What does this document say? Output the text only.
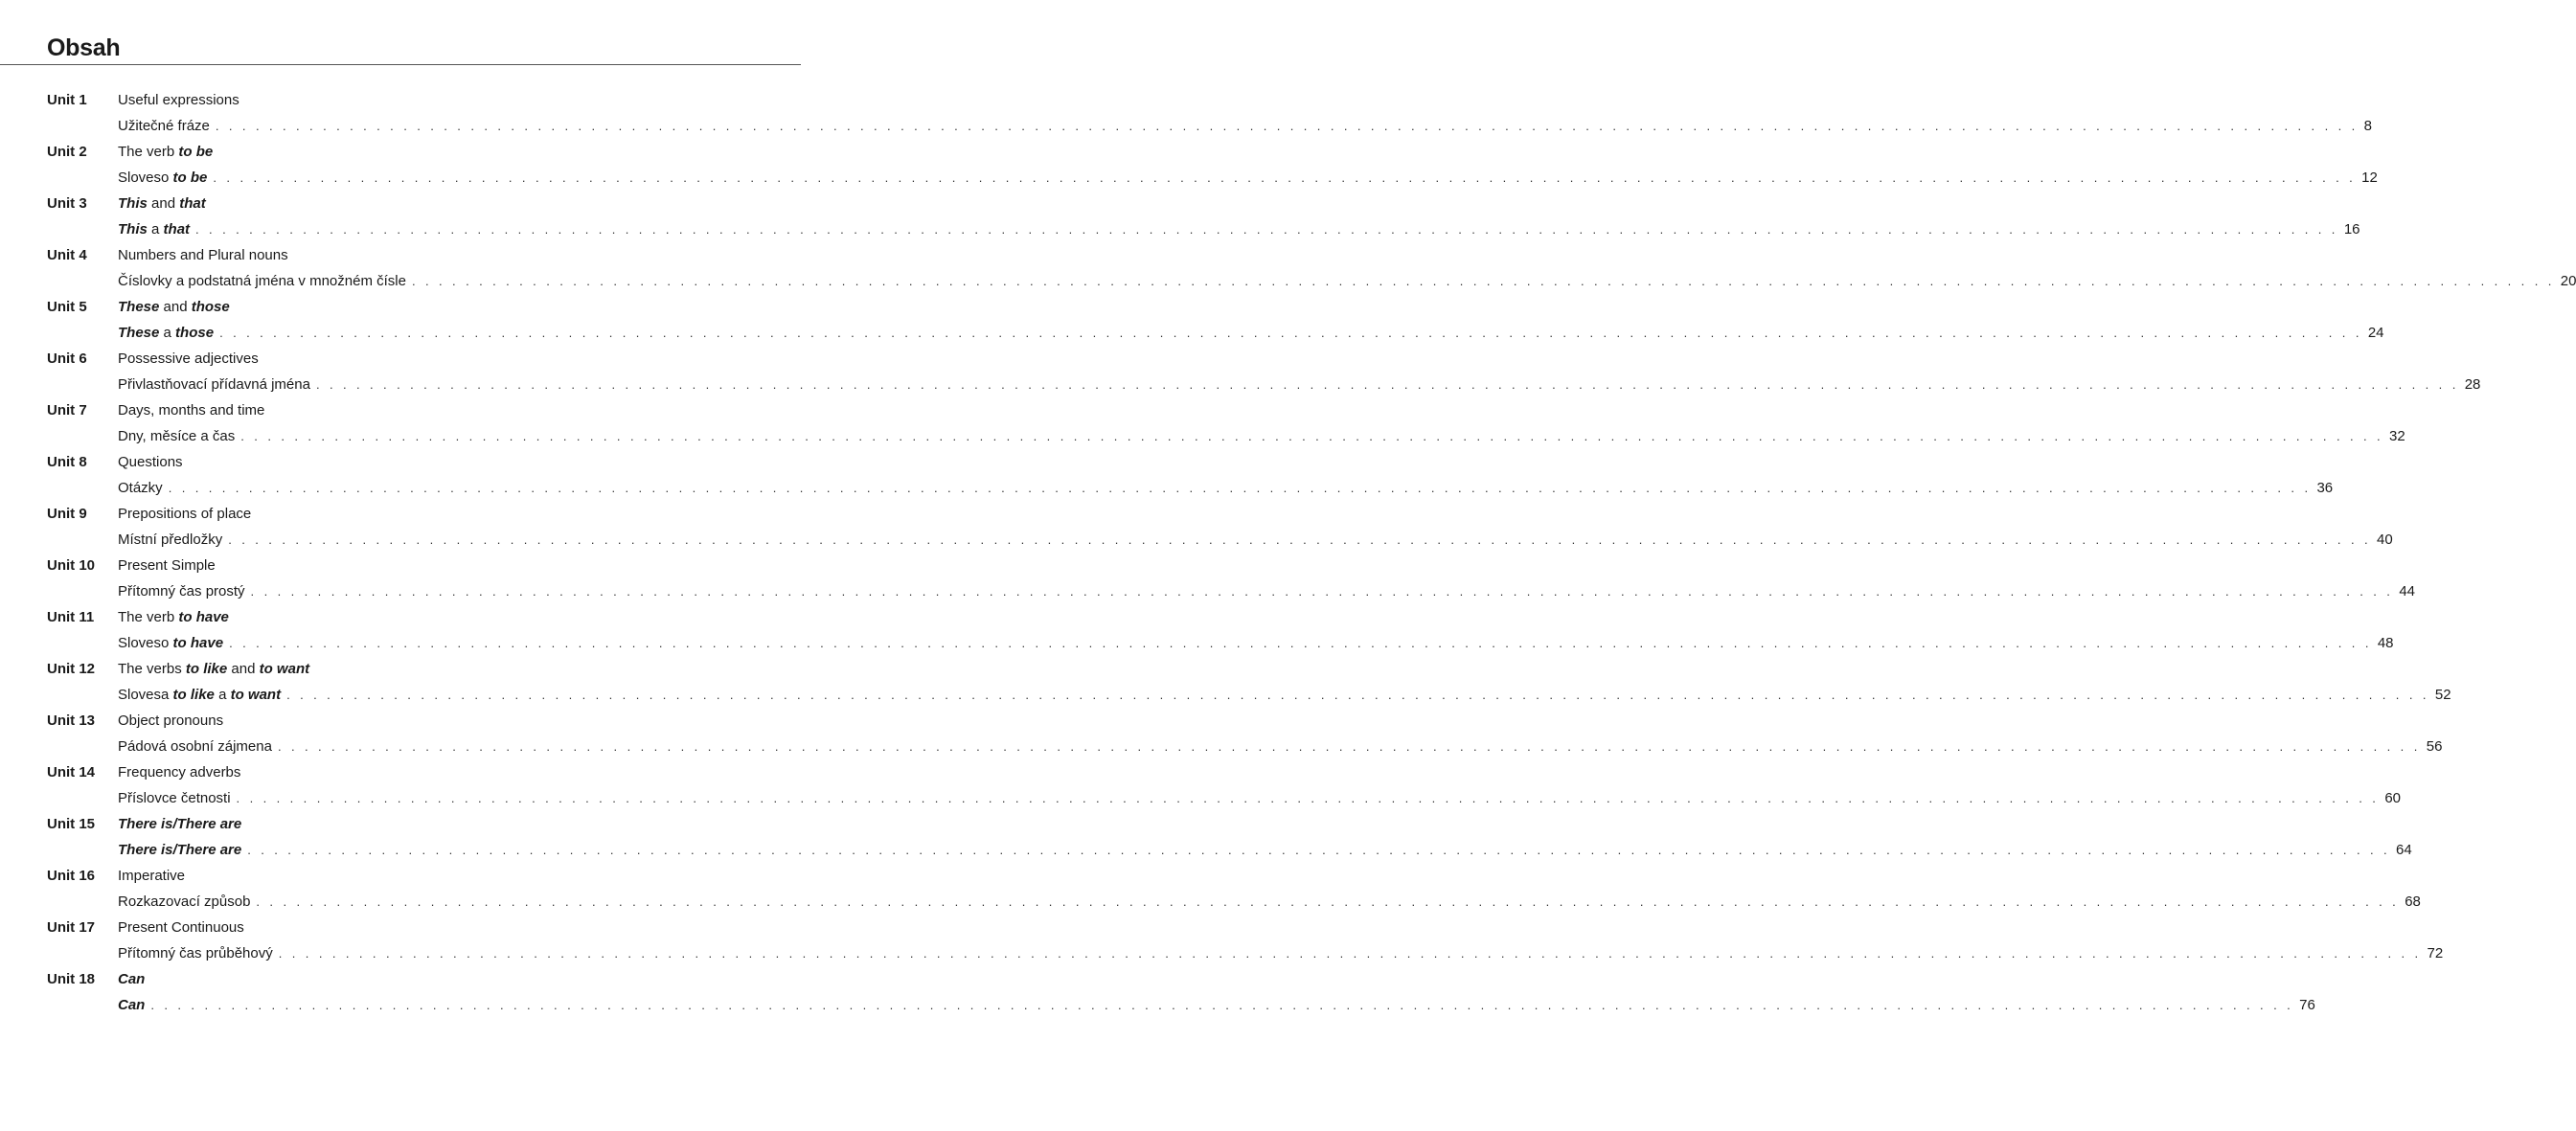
Obsah
Unit 1 Useful expressions
Užitečné fráze . . . . . . . . . . . . . . . . . . . . . . . . . . . . . . . . . . . . . . . . . . . . . . . . . . . . . . . . . . . . . . . . . . . . . . . . . . . . . . . . . . . . . . . . . . . . . . . . . . . . . . . . . . . . . . . . . . . . . . . . . . . . . . . . . . . . . . . . . . . . . . . . . . . . . . . . . . . . . . . . 8
Unit 2 The verb to be
Sloveso to be . . . . . . . . . . . . . . . . . . . . . . . . . . . . . . . . . . . . . . . . . . . . . . . . . . . . . . . . . . . . . . . . . . . . . . . . . . . . . . . . . . . . . . . . . . . . . . . . . . . . . . . . . . . . . . . . . . . . . . . . . . . . . . . . . . . . . . . . . . . . . . . . . . . . . . . . . . . . . . . . 12
Unit 3 This and that
This a that . . . . . . . . . . . . . . . . . . . . . . . . . . . . . . . . . . . . . . . . . . . . . . . . . . . . . . . . . . . . . . . . . . . . . . . . . . . . . . . . . . . . . . . . . . . . . . . . . . . . . . . . . . . . . . . . . . . . . . . . . . . . . . . . . . . . . . . . . . . . . . . . . . . . . . . . . . . . . . . . 16
Unit 4 Numbers and Plural nouns
Číslovky a podstatná jména v množném čísle . . . . . . . . . . . . . . . . . . . . . . . . . . . . . . . . . . . . . . . . . . . . . . . . . . . . . . . . . . . . . . . . . . . . . . . . . . . . . . . . . . . . . . . . . . . . . . . . . . . . . . . . . . . . . . . . . . . . . . . . . . . . . . . . . . . . . . . . . . . . . . . . . . . . . . . . . . . . . . . . 20
Unit 5 These and those
These a those . . . . . . . . . . . . . . . . . . . . . . . . . . . . . . . . . . . . . . . . . . . . . . . . . . . . . . . . . . . . . . . . . . . . . . . . . . . . . . . . . . . . . . . . . . . . . . . . . . . . . . . . . . . . . . . . . . . . . . . . . . . . . . . . . . . . . . . . . . . . . . . . . . . . . . . . . . . . . . . . 24
Unit 6 Possessive adjectives
Přivlastňovací přídavná jména . . . . . . . . . . . . . . . . . . . . . . . . . . . . . . . . . . . . . . . . . . . . . . . . . . . . . . . . . . . . . . . . . . . . . . . . . . . . . . . . . . . . . . . . . . . . . . . . . . . . . . . . . . . . . . . . . . . . . . . . . . . . . . . . . . . . . . . . . . . . . . . . . . . . . . . . . . . . . . . . 28
Unit 7 Days, months and time
Dny, měsíce a čas . . . . . . . . . . . . . . . . . . . . . . . . . . . . . . . . . . . . . . . . . . . . . . . . . . . . . . . . . . . . . . . . . . . . . . . . . . . . . . . . . . . . . . . . . . . . . . . . . . . . . . . . . . . . . . . . . . . . . . . . . . . . . . . . . . . . . . . . . . . . . . . . . . . . . . . . . . . . . . . . 32
Unit 8 Questions
Otázky . . . . . . . . . . . . . . . . . . . . . . . . . . . . . . . . . . . . . . . . . . . . . . . . . . . . . . . . . . . . . . . . . . . . . . . . . . . . . . . . . . . . . . . . . . . . . . . . . . . . . . . . . . . . . . . . . . . . . . . . . . . . . . . . . . . . . . . . . . . . . . . . . . . . . . . . . . . . . . . . 36
Unit 9 Prepositions of place
Místní předložky . . . . . . . . . . . . . . . . . . . . . . . . . . . . . . . . . . . . . . . . . . . . . . . . . . . . . . . . . . . . . . . . . . . . . . . . . . . . . . . . . . . . . . . . . . . . . . . . . . . . . . . . . . . . . . . . . . . . . . . . . . . . . . . . . . . . . . . . . . . . . . . . . . . . . . . . . . . . . . . . 40
Unit 10 Present Simple
Přítomný čas prostý . . . . . . . . . . . . . . . . . . . . . . . . . . . . . . . . . . . . . . . . . . . . . . . . . . . . . . . . . . . . . . . . . . . . . . . . . . . . . . . . . . . . . . . . . . . . . . . . . . . . . . . . . . . . . . . . . . . . . . . . . . . . . . . . . . . . . . . . . . . . . . . . . . . . . . . . . . . . . . . . 44
Unit 11 The verb to have
Sloveso to have . . . . . . . . . . . . . . . . . . . . . . . . . . . . . . . . . . . . . . . . . . . . . . . . . . . . . . . . . . . . . . . . . . . . . . . . . . . . . . . . . . . . . . . . . . . . . . . . . . . . . . . . . . . . . . . . . . . . . . . . . . . . . . . . . . . . . . . . . . . . . . . . . . . . . . . . . . . . . . . . 48
Unit 12 The verbs to like and to want
Slovesa to like a to want . . . . . . . . . . . . . . . . . . . . . . . . . . . . . . . . . . . . . . . . . . . . . . . . . . . . . . . . . . . . . . . . . . . . . . . . . . . . . . . . . . . . . . . . . . . . . . . . . . . . . . . . . . . . . . . . . . . . . . . . . . . . . . . . . . . . . . . . . . . . . . . . . . . . . . . . . . . . . . . . 52
Unit 13 Object pronouns
Pádová osobní zájmena . . . . . . . . . . . . . . . . . . . . . . . . . . . . . . . . . . . . . . . . . . . . . . . . . . . . . . . . . . . . . . . . . . . . . . . . . . . . . . . . . . . . . . . . . . . . . . . . . . . . . . . . . . . . . . . . . . . . . . . . . . . . . . . . . . . . . . . . . . . . . . . . . . . . . . . . . . . . . . . . 56
Unit 14 Frequency adverbs
Příslovce četnosti . . . . . . . . . . . . . . . . . . . . . . . . . . . . . . . . . . . . . . . . . . . . . . . . . . . . . . . . . . . . . . . . . . . . . . . . . . . . . . . . . . . . . . . . . . . . . . . . . . . . . . . . . . . . . . . . . . . . . . . . . . . . . . . . . . . . . . . . . . . . . . . . . . . . . . . . . . . . . . . . 60
Unit 15 There is/There are
There is/There are . . . . . . . . . . . . . . . . . . . . . . . . . . . . . . . . . . . . . . . . . . . . . . . . . . . . . . . . . . . . . . . . . . . . . . . . . . . . . . . . . . . . . . . . . . . . . . . . . . . . . . . . . . . . . . . . . . . . . . . . . . . . . . . . . . . . . . . . . . . . . . . . . . . . . . . . . . . . . . . . 64
Unit 16 Imperative
Rozkazovací způsob . . . . . . . . . . . . . . . . . . . . . . . . . . . . . . . . . . . . . . . . . . . . . . . . . . . . . . . . . . . . . . . . . . . . . . . . . . . . . . . . . . . . . . . . . . . . . . . . . . . . . . . . . . . . . . . . . . . . . . . . . . . . . . . . . . . . . . . . . . . . . . . . . . . . . . . . . . . . . . . . 68
Unit 17 Present Continuous
Přítomný čas průběhový . . . . . . . . . . . . . . . . . . . . . . . . . . . . . . . . . . . . . . . . . . . . . . . . . . . . . . . . . . . . . . . . . . . . . . . . . . . . . . . . . . . . . . . . . . . . . . . . . . . . . . . . . . . . . . . . . . . . . . . . . . . . . . . . . . . . . . . . . . . . . . . . . . . . . . . . . . . . . . . . 72
Unit 18 Can
Can . . . . . . . . . . . . . . . . . . . . . . . . . . . . . . . . . . . . . . . . . . . . . . . . . . . . . . . . . . . . . . . . . . . . . . . . . . . . . . . . . . . . . . . . . . . . . . . . . . . . . . . . . . . . . . . . . . . . . . . . . . . . . . . . . . . . . . . . . . . . . . . . . . . . . . . . . . . . . . . . 76
